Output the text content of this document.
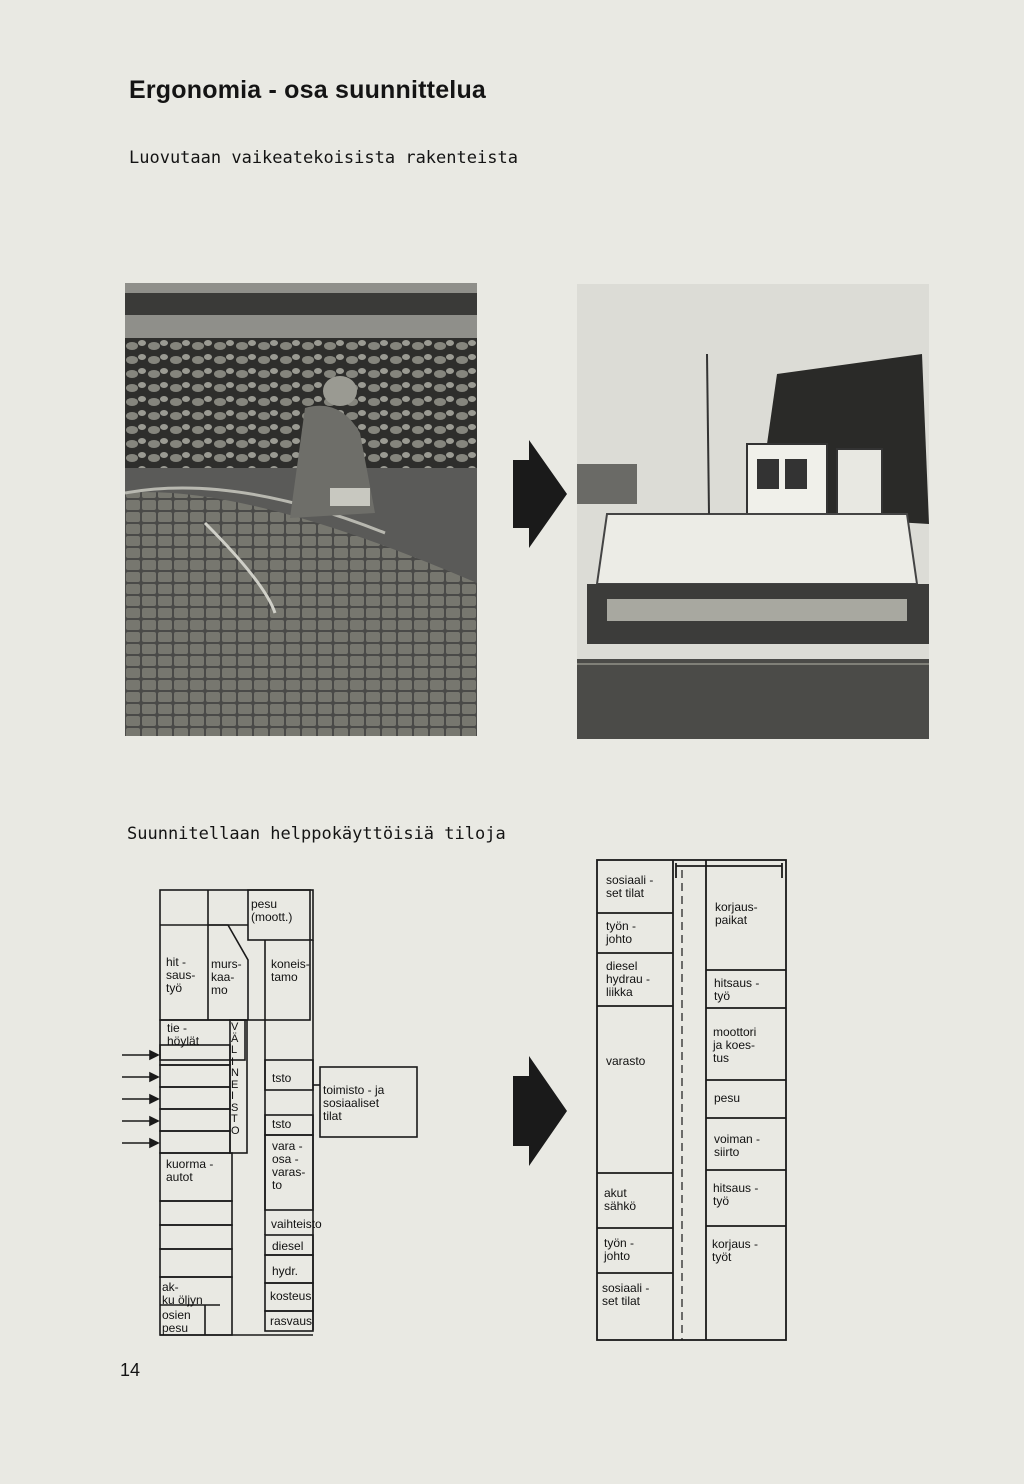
Ergonomia - osa suunnittelua
Luovutaan vaikeatekoisista rakenteista
Suunnitellaan helppokäyttöisiä tiloja
pesu
(moott.)
hit -
saus-
työ
murs-
kaa-
mo
koneis-
tamo
tie -
höylät
V
Ä
L
I
N
E
I
S
T
O
tsto
toimisto - ja
sosiaaliset
tilat
tsto
vara -
osa -
varas-
to
kuorma -
autot
vaihteisto
diesel
hydr.
kosteus
rasvaus
ak-
ku öljyn
osien
pesu
sosiaali -
set tilat
työn -
johto
diesel
hydrau -
liikka
varasto
akut
sähkö
työn -
johto
sosiaali -
set tilat
korjaus-
paikat
hitsaus -
työ
moottori
ja koes-
tus
pesu
voiman -
siirto
hitsaus -
työ
korjaus -
työt
14
